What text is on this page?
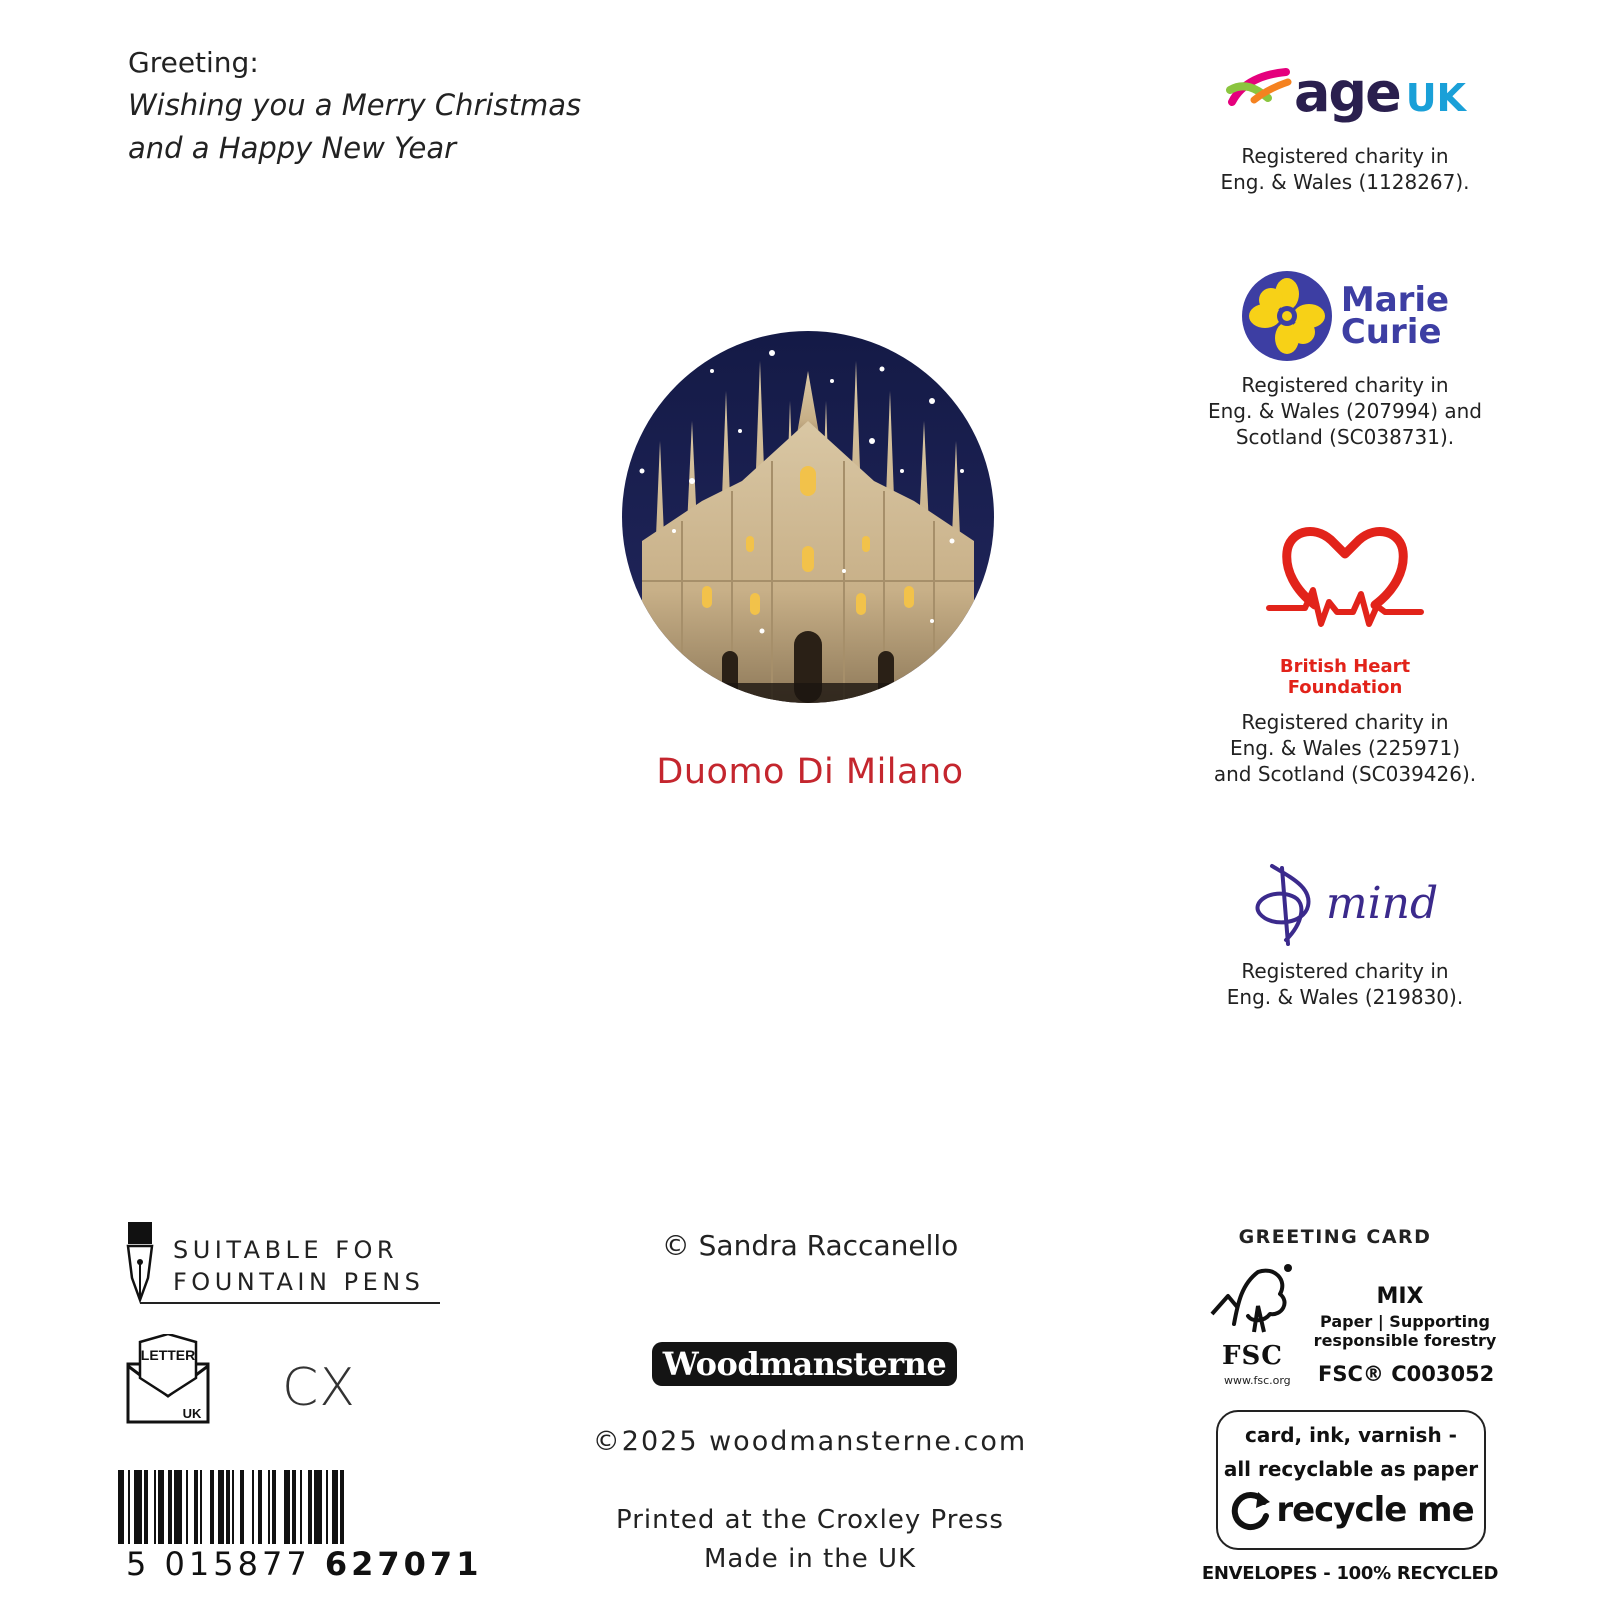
Greeting:
Wishing you a Merry Christmas
and a Happy New Year
Duomo Di Milano
age UK
Registered charity in
Eng. & Wales (1128267).
Marie
Curie
Registered charity in
Eng. & Wales (207994) and
Scotland (SC038731).
British Heart
Foundation
Registered charity in
Eng. & Wales (225971)
and Scotland (SC039426).
mind
Registered charity in
Eng. & Wales (219830).
SUITABLE FOR
FOUNTAIN PENS
LETTER
UK CX
5 015877 627071
© Sandra Raccanello
Woodmansterne
©2025 woodmansterne.com
Printed at the Croxley Press
Made in the UK
GREETING CARD
FSC
www.fsc.org
MIX
Paper | Supporting
responsible forestry
FSC® C003052
card, ink, varnish -
all recyclable as paper
recycle me
ENVELOPES - 100% RECYCLED
